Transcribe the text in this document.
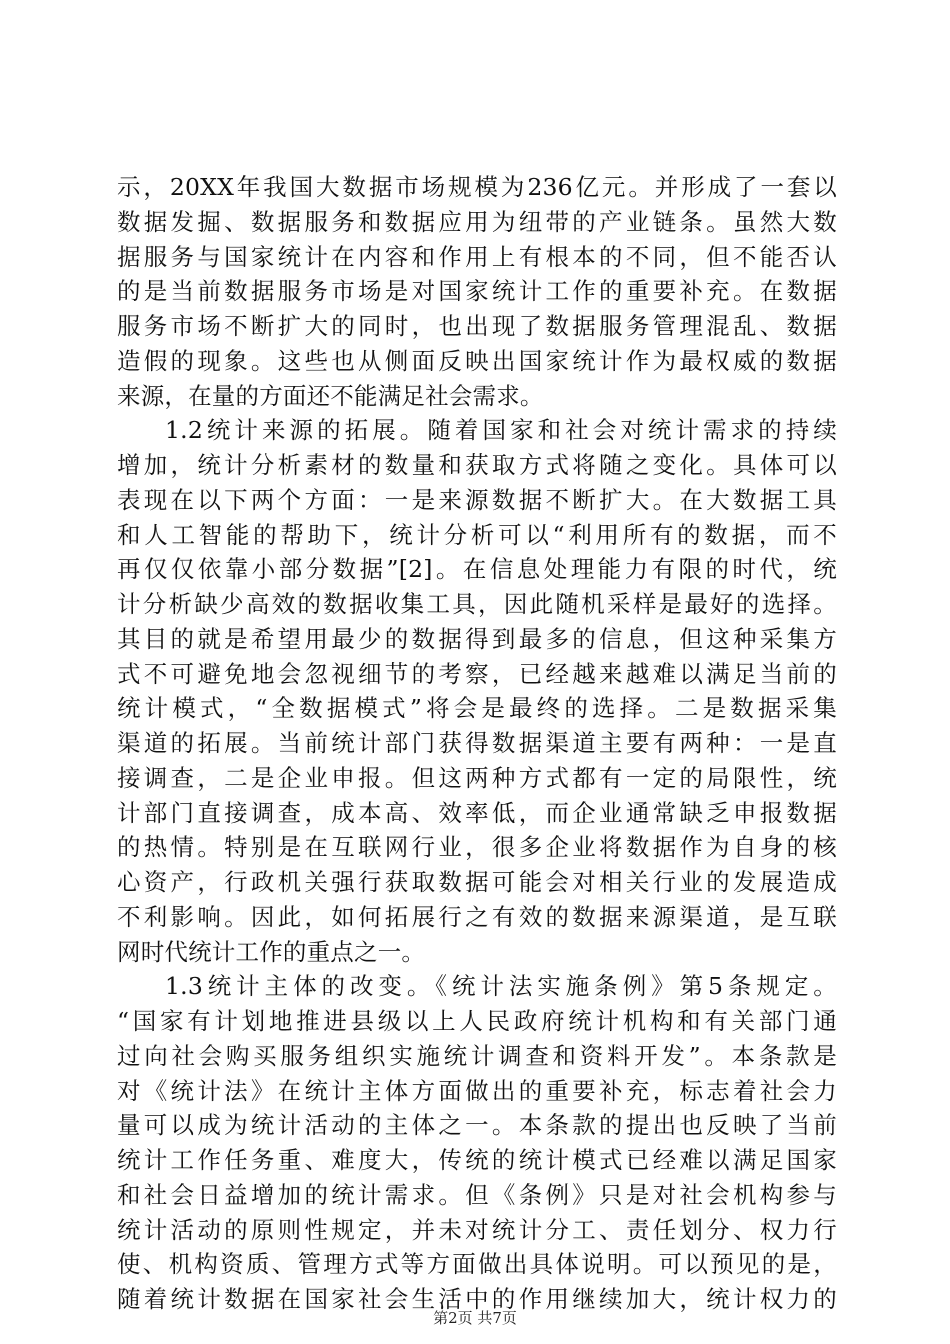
示，20XX年我国大数据市场规模为236亿元。并形成了一套以
数据发掘、数据服务和数据应用为纽带的产业链条。虽然大数
据服务与国家统计在内容和作用上有根本的不同，但不能否认
的是当前数据服务市场是对国家统计工作的重要补充。在数据
服务市场不断扩大的同时，也出现了数据服务管理混乱、数据
造假的现象。这些也从侧面反映出国家统计作为最权威的数据
来源，在量的方面还不能满足社会需求。
1.2统计来源的拓展。随着国家和社会对统计需求的持续
增加，统计分析素材的数量和获取方式将随之变化。具体可以
表现在以下两个方面：一是来源数据不断扩大。在大数据工具
和人工智能的帮助下，统计分析可以“利用所有的数据，而不
再仅仅依靠小部分数据”[2]。在信息处理能力有限的时代，统
计分析缺少高效的数据收集工具，因此随机采样是最好的选择。
其目的就是希望用最少的数据得到最多的信息，但这种采集方
式不可避免地会忽视细节的考察，已经越来越难以满足当前的
统计模式，“全数据模式”将会是最终的选择。二是数据采集
渠道的拓展。当前统计部门获得数据渠道主要有两种：一是直
接调查，二是企业申报。但这两种方式都有一定的局限性，统
计部门直接调查，成本高、效率低，而企业通常缺乏申报数据
的热情。特别是在互联网行业，很多企业将数据作为自身的核
心资产，行政机关强行获取数据可能会对相关行业的发展造成
不利影响。因此，如何拓展行之有效的数据来源渠道，是互联
网时代统计工作的重点之一。
1.3统计主体的改变。《统计法实施条例》第5条规定。
“国家有计划地推进县级以上人民政府统计机构和有关部门通
过向社会购买服务组织实施统计调查和资料开发”。本条款是
对《统计法》在统计主体方面做出的重要补充，标志着社会力
量可以成为统计活动的主体之一。本条款的提出也反映了当前
统计工作任务重、难度大，传统的统计模式已经难以满足国家
和社会日益增加的统计需求。但《条例》只是对社会机构参与
统计活动的原则性规定，并未对统计分工、责任划分、权力行
使、机构资质、管理方式等方面做出具体说明。可以预见的是，
随着统计数据在国家社会生活中的作用继续加大，统计权力的
第2页 共7页
